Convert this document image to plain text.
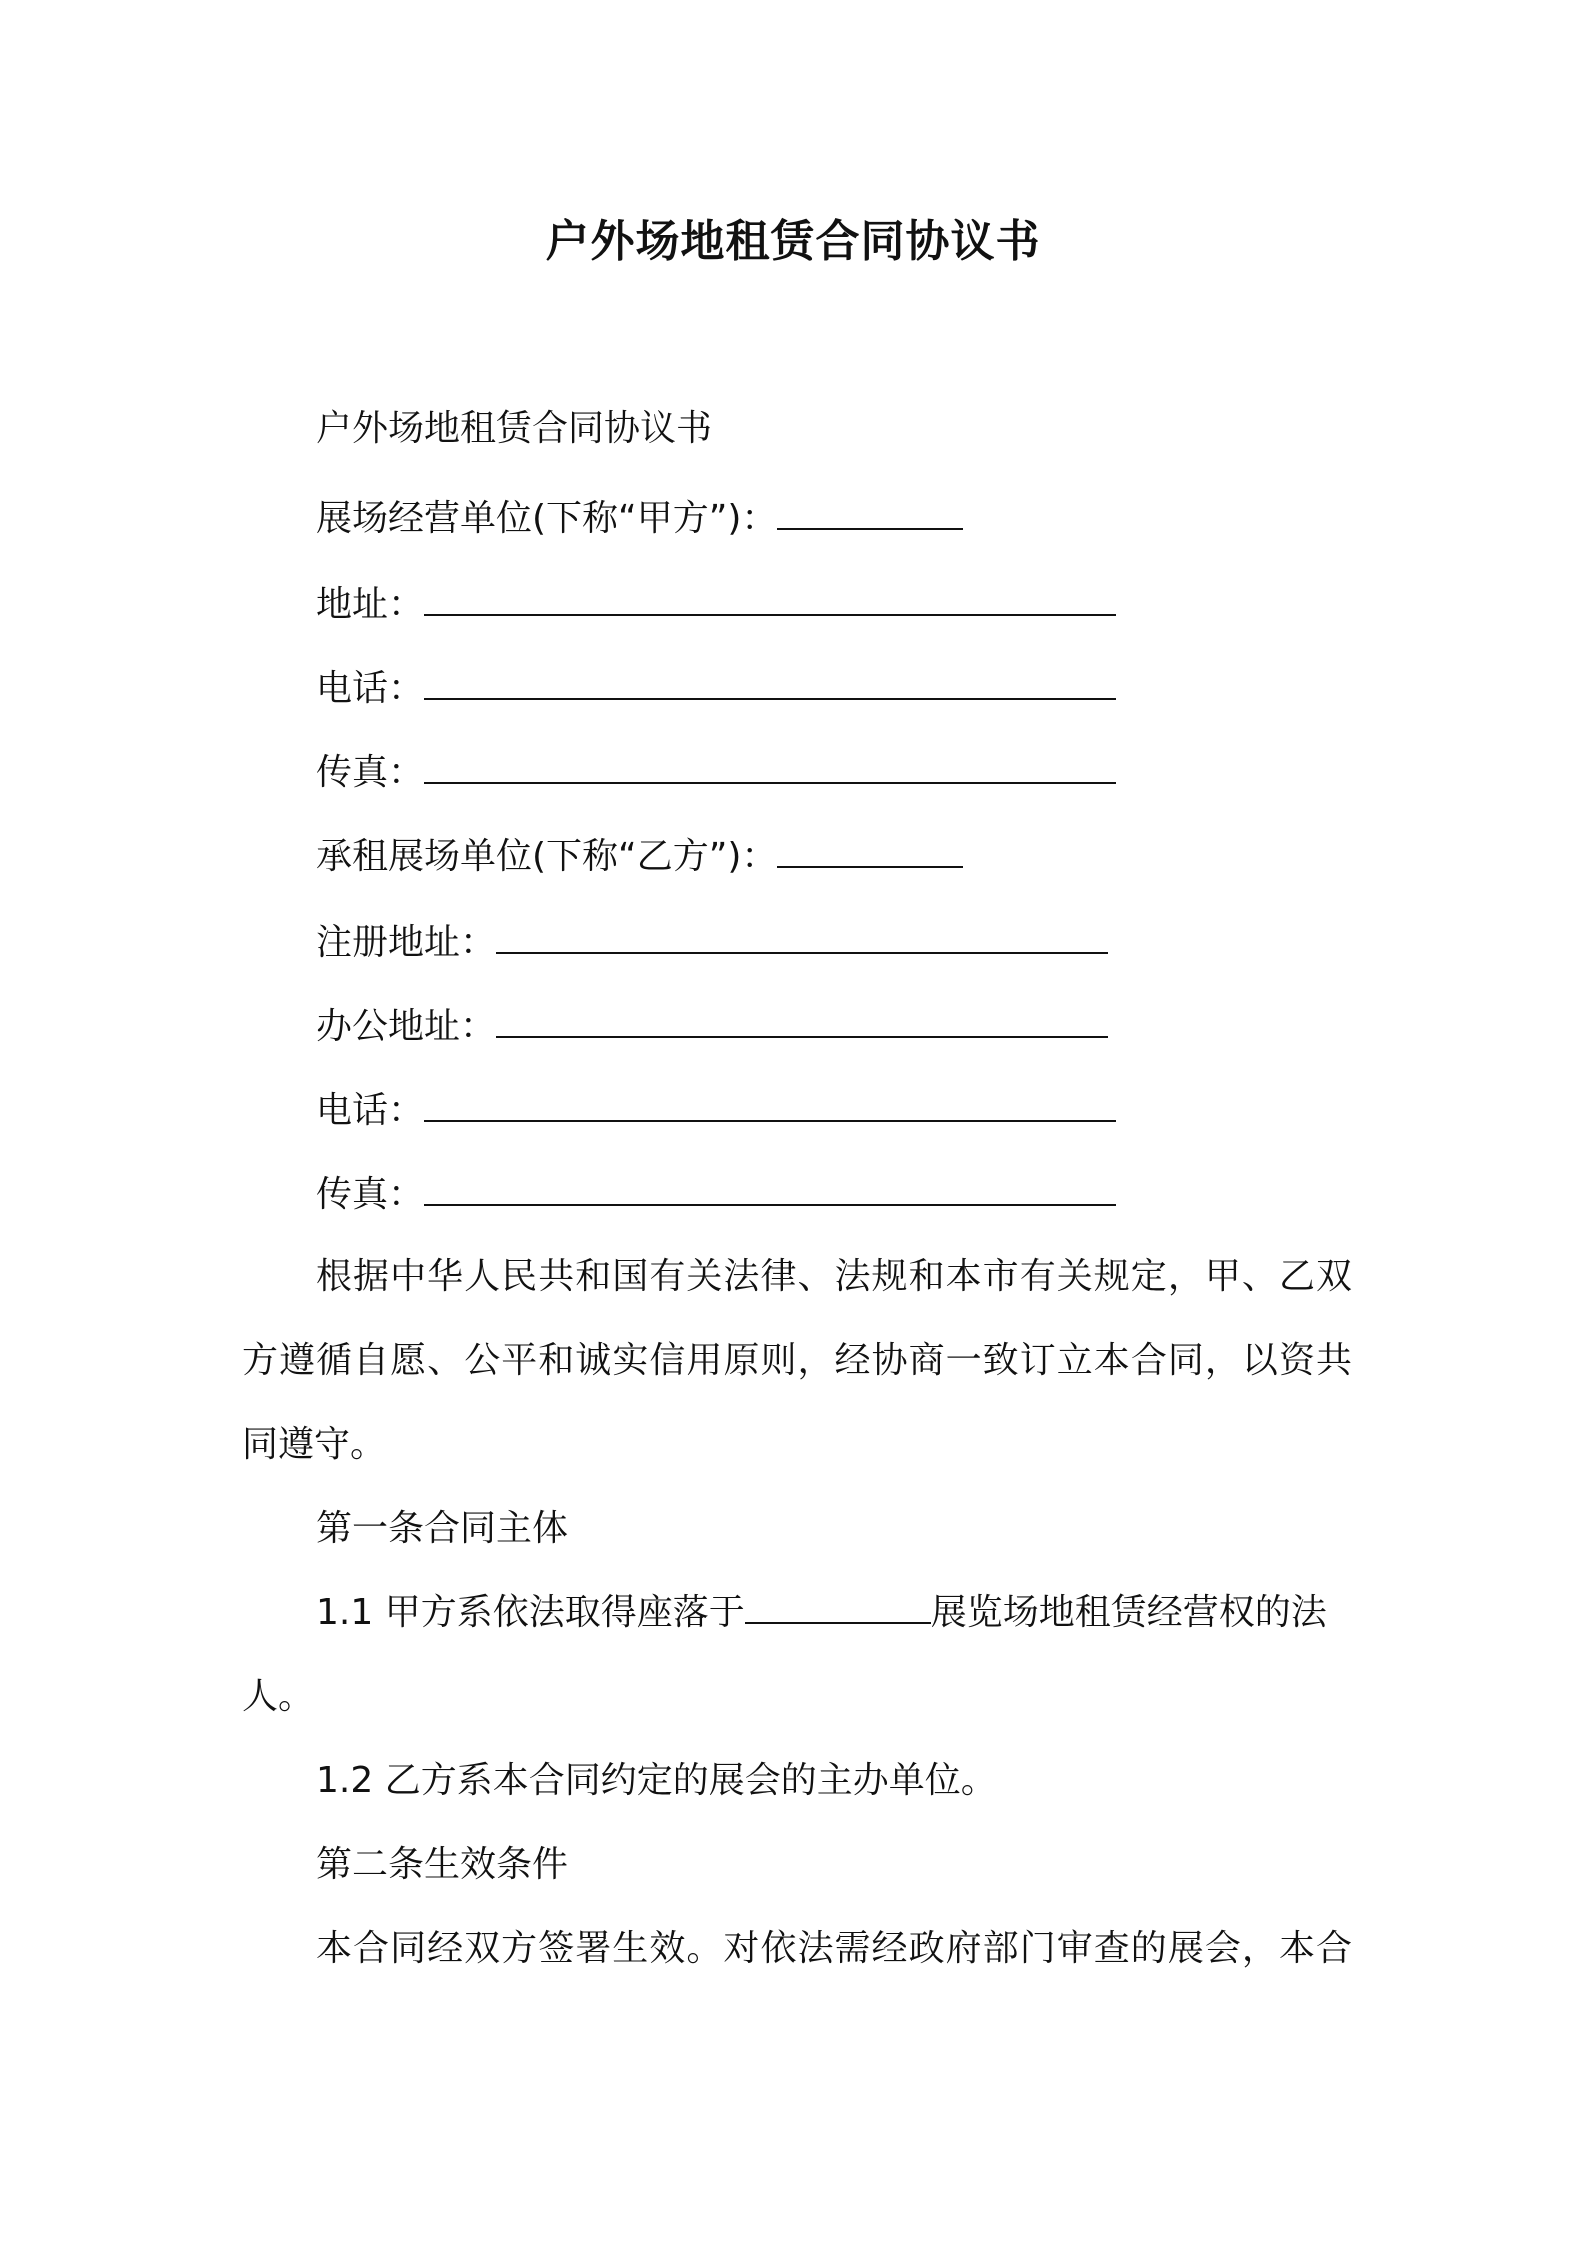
户外场地租赁合同协议书
户外场地租赁合同协议书
展场经营单位(下称“甲方”)：
地址：
电话：
传真：
承租展场单位(下称“乙方”)：
注册地址：
办公地址：
电话：
传真：
根据中华人民共和国有关法律、法规和本市有关规定，甲、乙双
方遵循自愿、公平和诚实信用原则，经协商一致订立本合同，以资共
同遵守。
第一条合同主体
1.1 甲方系依法取得座落于	展览场地租赁经营权的法
人。
1.2 乙方系本合同约定的展会的主办单位。
第二条生效条件
本合同经双方签署生效。对依法需经政府部门审查的展会，本合
